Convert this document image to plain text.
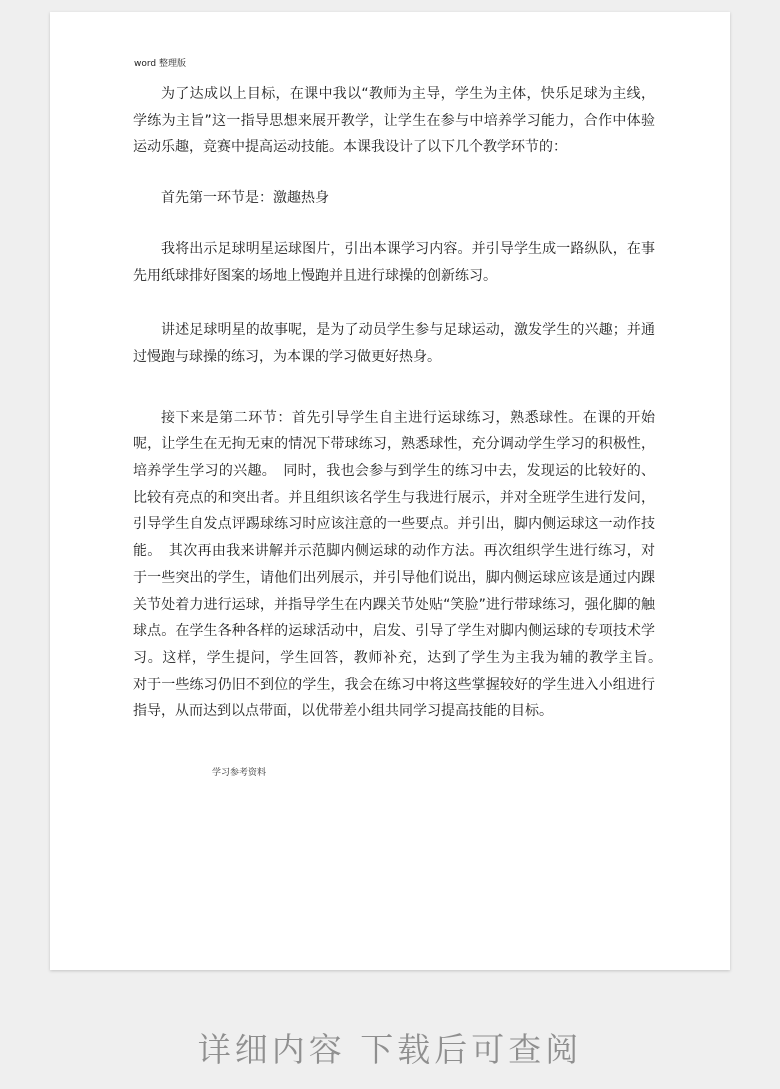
word 整理版

为了达成以上目标，在课中我以“教师为主导，学生为主体，快乐足球为主线，学练为主旨”这一指导思想来展开教学，让学生在参与中培养学习能力，合作中体验运动乐趣，竞赛中提高运动技能。本课我设计了以下几个教学环节的：

首先第一环节是：激趣热身

我将出示足球明星运球图片，引出本课学习内容。并引导学生成一路纵队，在事先用纸球排好图案的场地上慢跑并且进行球操的创新练习。

讲述足球明星的故事呢，是为了动员学生参与足球运动，激发学生的兴趣；并通过慢跑与球操的练习，为本课的学习做更好热身。

接下来是第二环节：首先引导学生自主进行运球练习，熟悉球性。在课的开始呢，让学生在无拘无束的情况下带球练习，熟悉球性，充分调动学生学习的积极性，培养学生学习的兴趣。　同时，我也会参与到学生的练习中去，发现运的比较好的、比较有亮点的和突出者。并且组织该名学生与我进行展示，并对全班学生进行发问，引导学生自发点评踢球练习时应该注意的一些要点。并引出，脚内侧运球这一动作技能。　其次再由我来讲解并示范脚内侧运球的动作方法。再次组织学生进行练习，对于一些突出的学生，请他们出列展示，并引导他们说出，脚内侧运球应该是通过内踝关节处着力进行运球，并指导学生在内踝关节处贴“笑脸”进行带球练习，强化脚的触球点。在学生各种各样的运球活动中，启发、引导了学生对脚内侧运球的专项技术学习。这样，学生提问，学生回答，教师补充，达到了学生为主我为辅的教学主旨。　对于一些练习仍旧不到位的学生，我会在练习中将这些掌握较好的学生进入小组进行指导，从而达到以点带面，以优带差小组共同学习提高技能的目标。

学习参考资料
详细内容 下载后可查阅
